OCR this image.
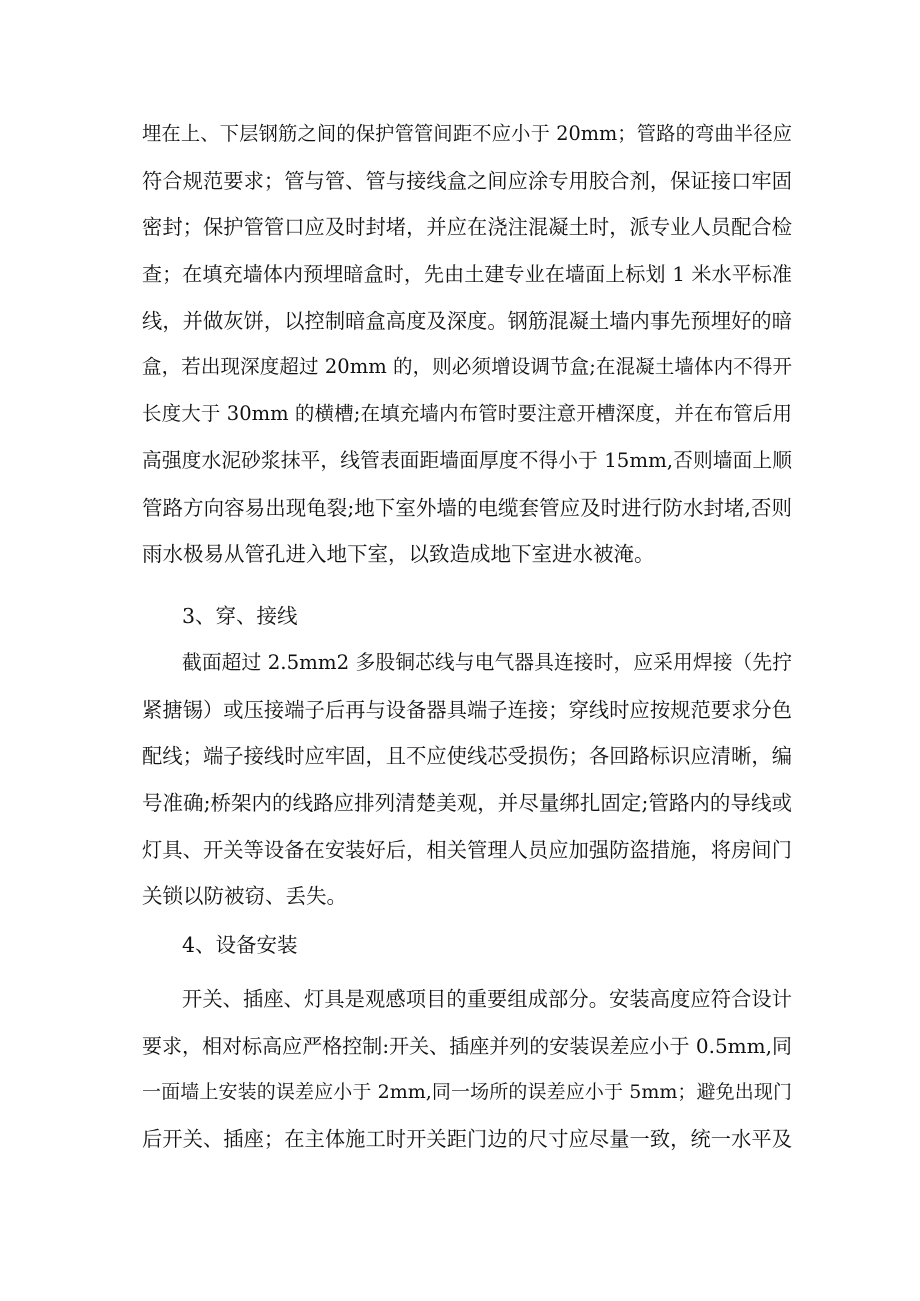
埋在上、下层钢筋之间的保护管管间距不应小于 20mm；管路的弯曲半径应
符合规范要求；管与管、管与接线盒之间应涂专用胶合剂，保证接口牢固
密封；保护管管口应及时封堵，并应在浇注混凝土时，派专业人员配合检
查；在填充墙体内预埋暗盒时，先由土建专业在墙面上标划 1 米水平标准
线，并做灰饼，以控制暗盒高度及深度。钢筋混凝土墙内事先预埋好的暗
盒，若出现深度超过 20mm 的，则必须增设调节盒;在混凝土墙体内不得开
长度大于 30mm 的横槽;在填充墙内布管时要注意开槽深度，并在布管后用
高强度水泥砂浆抹平，线管表面距墙面厚度不得小于 15mm,否则墙面上顺
管路方向容易出现龟裂;地下室外墙的电缆套管应及时进行防水封堵,否则
雨水极易从管孔进入地下室，以致造成地下室进水被淹。
3、穿、接线
截面超过 2.5mm2 多股铜芯线与电气器具连接时，应采用焊接（先拧
紧搪锡）或压接端子后再与设备器具端子连接；穿线时应按规范要求分色
配线；端子接线时应牢固，且不应使线芯受损伤；各回路标识应清晰，编
号准确;桥架内的线路应排列清楚美观，并尽量绑扎固定;管路内的导线或
灯具、开关等设备在安装好后，相关管理人员应加强防盗措施，将房间门
关锁以防被窃、丢失。
4、设备安装
开关、插座、灯具是观感项目的重要组成部分。安装高度应符合设计
要求，相对标高应严格控制:开关、插座并列的安装误差应小于 0.5mm,同
一面墙上安装的误差应小于 2mm,同一场所的误差应小于 5mm；避免出现门
后开关、插座；在主体施工时开关距门边的尺寸应尽量一致，统一水平及
